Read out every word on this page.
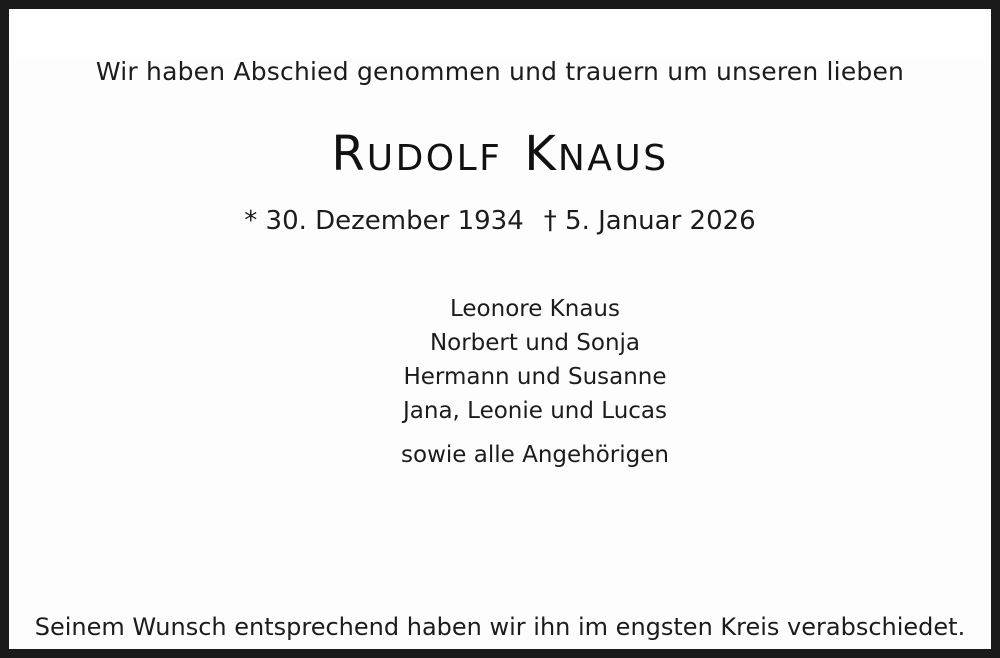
Wir haben Abschied genommen und trauern um unseren lieben
RUDOLF KNAUS
* 30. Dezember 1934 † 5. Januar 2026
Leonore Knaus
Norbert und Sonja
Hermann und Susanne
Jana, Leonie und Lucas
sowie alle Angehörigen
Seinem Wunsch entsprechend haben wir ihn im engsten Kreis verabschiedet.
